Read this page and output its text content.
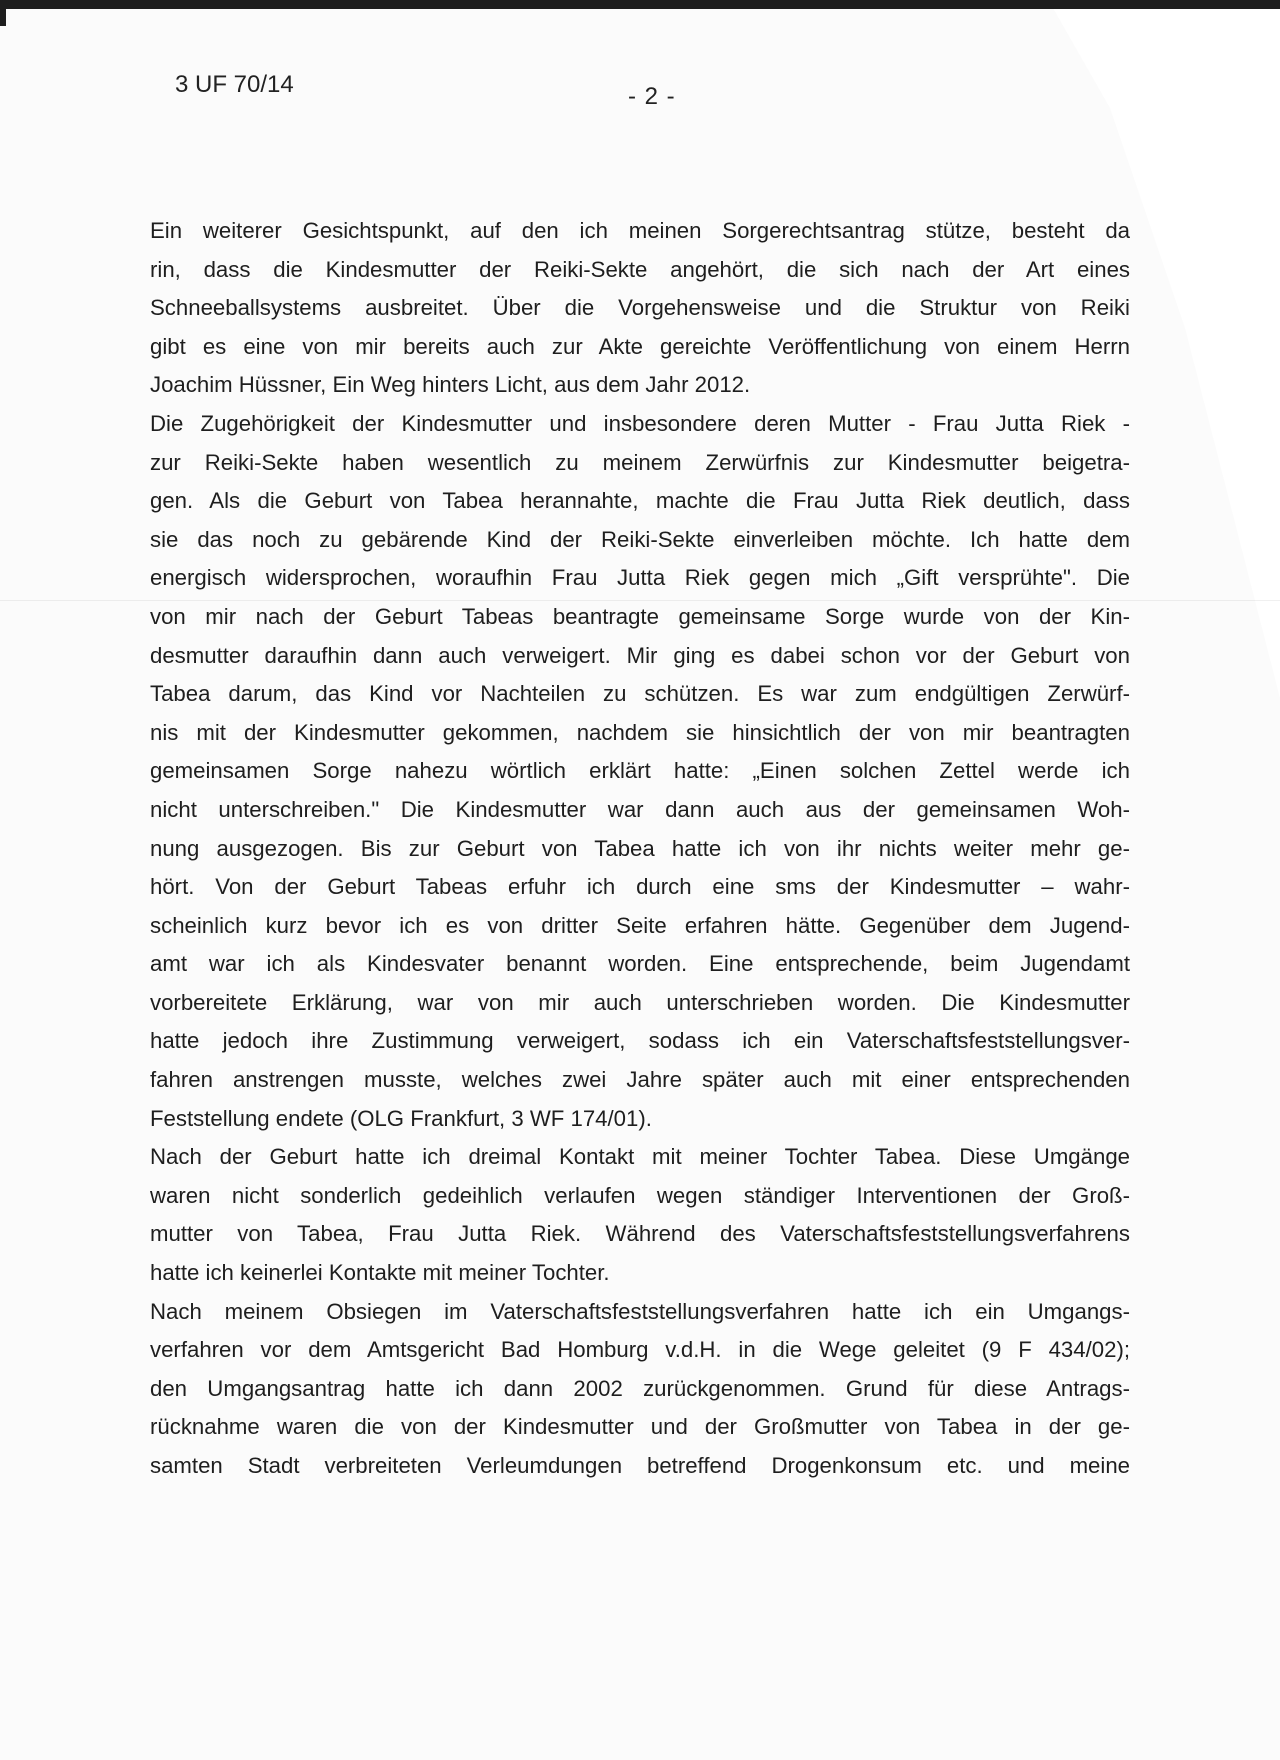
3 UF 70/14	- 2 -
Ein weiterer Gesichtspunkt, auf den ich meinen Sorgerechtsantrag stütze, besteht da
rin, dass die Kindesmutter der Reiki-Sekte angehört, die sich nach der Art eines
Schneeballsystems ausbreitet. Über die Vorgehensweise und die Struktur von Reiki
gibt es eine von mir bereits auch zur Akte gereichte Veröffentlichung von einem Herrn
Joachim Hüssner, Ein Weg hinters Licht, aus dem Jahr 2012.
Die Zugehörigkeit der Kindesmutter und insbesondere deren Mutter - Frau Jutta Riek -
zur Reiki-Sekte haben wesentlich zu meinem Zerwürfnis zur Kindesmutter beigetra-
gen. Als die Geburt von Tabea herannahte, machte die Frau Jutta Riek deutlich, dass
sie das noch zu gebärende Kind der Reiki-Sekte einverleiben möchte. Ich hatte dem
energisch widersprochen, woraufhin Frau Jutta Riek gegen mich „Gift versprühte". Die
von mir nach der Geburt Tabeas beantragte gemeinsame Sorge wurde von der Kin-
desmutter daraufhin dann auch verweigert. Mir ging es dabei schon vor der Geburt von
Tabea darum, das Kind vor Nachteilen zu schützen. Es war zum endgültigen Zerwürf-
nis mit der Kindesmutter gekommen, nachdem sie hinsichtlich der von mir beantragten
gemeinsamen Sorge nahezu wörtlich erklärt hatte: „Einen solchen Zettel werde ich
nicht unterschreiben." Die Kindesmutter war dann auch aus der gemeinsamen Woh-
nung ausgezogen. Bis zur Geburt von Tabea hatte ich von ihr nichts weiter mehr ge-
hört. Von der Geburt Tabeas erfuhr ich durch eine sms der Kindesmutter – wahr-
scheinlich kurz bevor ich es von dritter Seite erfahren hätte. Gegenüber dem Jugend-
amt war ich als Kindesvater benannt worden. Eine entsprechende, beim Jugendamt
vorbereitete Erklärung, war von mir auch unterschrieben worden. Die Kindesmutter
hatte jedoch ihre Zustimmung verweigert, sodass ich ein Vaterschaftsfeststellungsver-
fahren anstrengen musste, welches zwei Jahre später auch mit einer entsprechenden
Feststellung endete (OLG Frankfurt, 3 WF 174/01).
Nach der Geburt hatte ich dreimal Kontakt mit meiner Tochter Tabea. Diese Umgänge
waren nicht sonderlich gedeihlich verlaufen wegen ständiger Interventionen der Groß-
mutter von Tabea, Frau Jutta Riek. Während des Vaterschaftsfeststellungsverfahrens
hatte ich keinerlei Kontakte mit meiner Tochter.
Nach meinem Obsiegen im Vaterschaftsfeststellungsverfahren hatte ich ein Umgangs-
verfahren vor dem Amtsgericht Bad Homburg v.d.H. in die Wege geleitet (9 F 434/02);
den Umgangsantrag hatte ich dann 2002 zurückgenommen. Grund für diese Antrags-
rücknahme waren die von der Kindesmutter und der Großmutter von Tabea in der ge-
samten Stadt verbreiteten Verleumdungen betreffend Drogenkonsum etc. und meine
